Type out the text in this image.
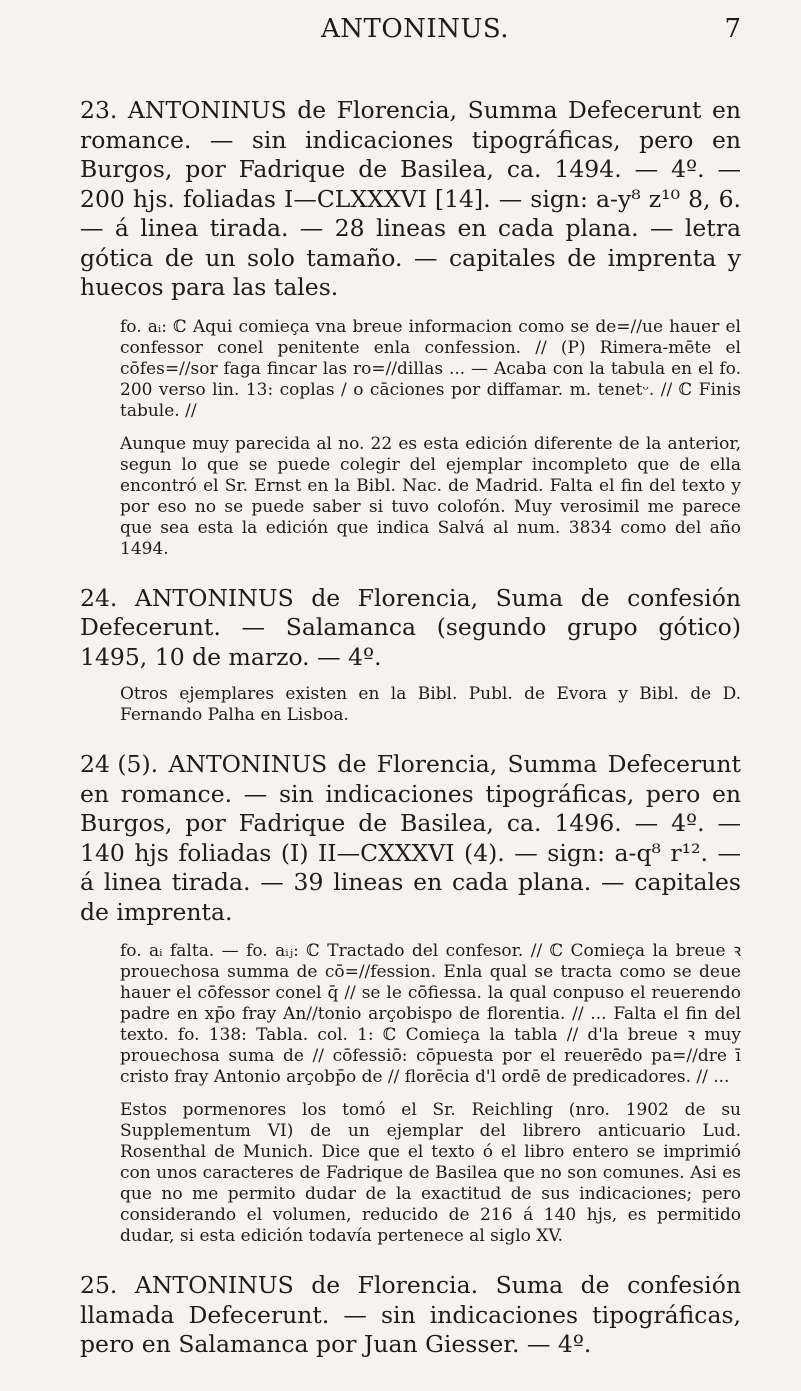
ANTONINUS.	7

23. ANTONINUS de Florencia, Summa Defecerunt en romance. — sin indicaciones tipográficas, pero en Burgos, por Fadrique de Basilea, ca. 1494. — 4º. — 200 hjs. foliadas I—CLXXXVI [14]. — sign: a-y⁸ z¹⁰ 8, 6. — á linea tirada. — 28 lineas en cada plana. — letra gótica de un solo tamaño. — capitales de imprenta y huecos para las tales.

fo. aᵢ: ℂ Aqui comieça vna breue informacion como se de=//ue hauer el confessor conel penitente enla confession. // (P) Rimera-mēte el cōfes=//sor faga fincar las ro=//dillas ... — Acaba con la tabula en el fo. 200 verso lin. 13: coplas / o cāciones por diffamar. m. tenetᵕ. // ℂ Finis tabule. //

Aunque muy parecida al no. 22 es esta edición diferente de la anterior, segun lo que se puede colegir del ejemplar incompleto que de ella encontró el Sr. Ernst en la Bibl. Nac. de Madrid. Falta el fin del texto y por eso no se puede saber si tuvo colofón. Muy verosimil me parece que sea esta la edición que indica Salvá al num. 3834 como del año 1494.

24. ANTONINUS de Florencia, Suma de confesión Defecerunt. — Salamanca (segundo grupo gótico) 1495, 10 de marzo. — 4º.

Otros ejemplares existen en la Bibl. Publ. de Evora y Bibl. de D. Fernando Palha en Lisboa.

24 (5). ANTONINUS de Florencia, Summa Defecerunt en romance. — sin indicaciones tipográficas, pero en Burgos, por Fadrique de Basilea, ca. 1496. — 4º. — 140 hjs foliadas (I) II—CXXXVI (4). — sign: a-q⁸ r¹². — á linea tirada. — 39 lineas en cada plana. — capitales de imprenta.

fo. aᵢ falta. — fo. aᵢⱼ: ℂ Tractado del confesor. // ℂ Comieça la breue ꝛ prouechosa summa de cō=//fession. Enla qual se tracta como se deue hauer el cōfessor conel q̄ // se le cōfiessa. la qual conpuso el reuerendo padre en xp̄o fray An//tonio arçobispo de florentia. // ... Falta el fin del texto. fo. 138: Tabla. col. 1: ℂ Comieça la tabla // d'la breue ꝛ muy prouechosa suma de // cōfessiō: cōpuesta por el reuerēdo pa=//dre ī cristo fray Antonio arçobp̄o de // florēcia d'l ordē de predicadores. // ...

Estos pormenores los tomó el Sr. Reichling (nro. 1902 de su Supplementum VI) de un ejemplar del librero anticuario Lud. Rosenthal de Munich. Dice que el texto ó el libro entero se imprimió con unos caracteres de Fadrique de Basilea que no son comunes. Asi es que no me permito dudar de la exactitud de sus indicaciones; pero considerando el volumen, reducido de 216 á 140 hjs, es permitido dudar, si esta edición todavía pertenece al siglo XV.

25. ANTONINUS de Florencia. Suma de confesión llamada Defecerunt. — sin indicaciones tipográficas, pero en Salamanca por Juan Giesser. — 4º.
